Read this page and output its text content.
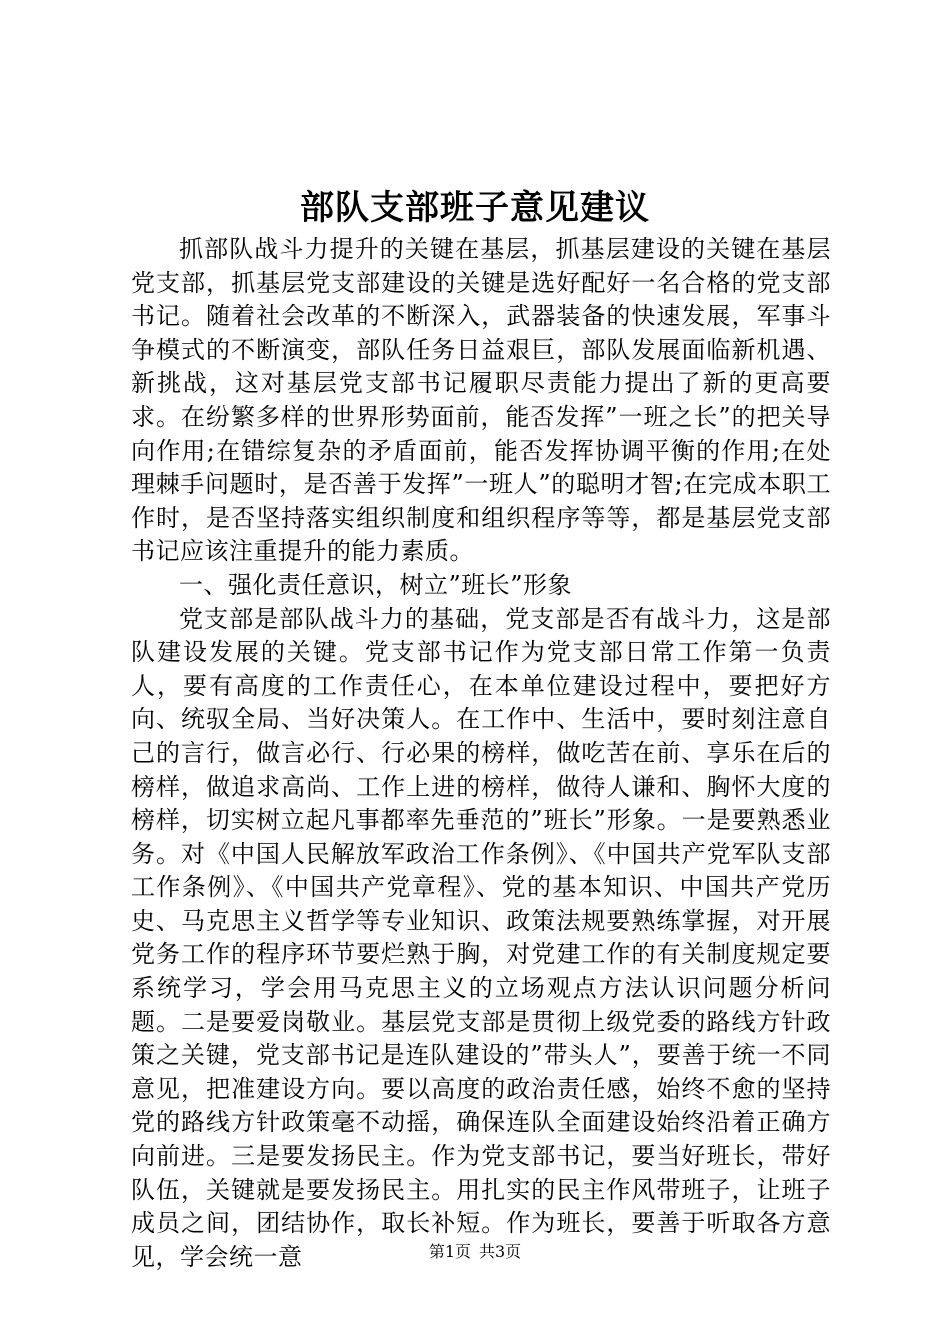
部队支部班子意见建议

抓部队战斗力提升的关键在基层，抓基层建设的关键在基层党支部，抓基层党支部建设的关键是选好配好一名合格的党支部书记。随着社会改革的不断深入，武器装备的快速发展，军事斗争模式的不断演变，部队任务日益艰巨，部队发展面临新机遇、新挑战，这对基层党支部书记履职尽责能力提出了新的更高要求。在纷繁多样的世界形势面前，能否发挥”一班之长”的把关导向作用;在错综复杂的矛盾面前，能否发挥协调平衡的作用;在处理棘手问题时，是否善于发挥”一班人”的聪明才智;在完成本职工作时，是否坚持落实组织制度和组织程序等等，都是基层党支部书记应该注重提升的能力素质。

一、强化责任意识，树立”班长”形象

党支部是部队战斗力的基础，党支部是否有战斗力，这是部队建设发展的关键。党支部书记作为党支部日常工作第一负责人，要有高度的工作责任心，在本单位建设过程中，要把好方向、统驭全局、当好决策人。在工作中、生活中，要时刻注意自己的言行，做言必行、行必果的榜样，做吃苦在前、享乐在后的榜样，做追求高尚、工作上进的榜样，做待人谦和、胸怀大度的榜样，切实树立起凡事都率先垂范的”班长”形象。一是要熟悉业务。对《中国人民解放军政治工作条例》、《中国共产党军队支部工作条例》、《中国共产党章程》、党的基本知识、中国共产党历史、马克思主义哲学等专业知识、政策法规要熟练掌握，对开展党务工作的程序环节要烂熟于胸，对党建工作的有关制度规定要系统学习，学会用马克思主义的立场观点方法认识问题分析问题。二是要爱岗敬业。基层党支部是贯彻上级党委的路线方针政策之关键，党支部书记是连队建设的”带头人”，要善于统一不同意见，把准建设方向。要以高度的政治责任感，始终不愈的坚持党的路线方针政策毫不动摇，确保连队全面建设始终沿着正确方向前进。三是要发扬民主。作为党支部书记，要当好班长，带好队伍，关键就是要发扬民主。用扎实的民主作风带班子，让班子成员之间，团结协作，取长补短。作为班长，要善于听取各方意见，学会统一意	第1页 共3页
